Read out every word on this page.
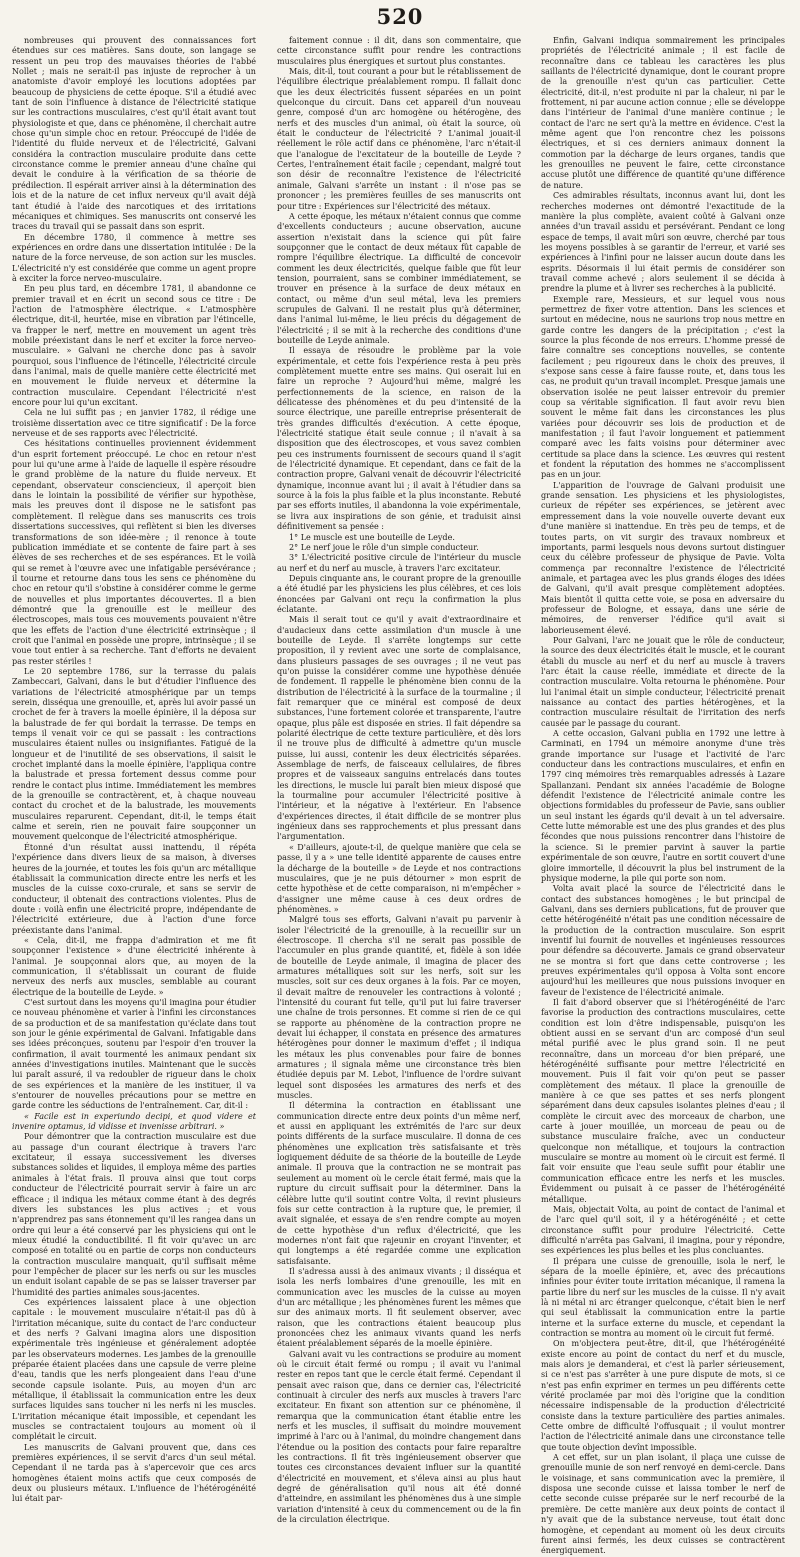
520

nombreuses qui prouvent des connaissances fort étendues sur ces matières. Sans doute, son langage se ressent un peu trop des mauvaises théories de l'abbé Nollet ; mais ne serait-il pas injuste de reprocher à un anatomiste d'avoir employé les locutions adoptées par beaucoup de physiciens de cette époque. S'il a étudié avec tant de soin l'influence à distance de l'électricité statique sur les contractions musculaires, c'est qu'il était avant tout physiologiste et que, dans ce phénomène, il cherchait autre chose qu'un simple choc en retour. Préoccupé de l'idée de l'identité du fluide nerveux et de l'électricité, Galvani considéra la contraction musculaire produite dans cette circonstance comme le premier anneau d'une chaîne qui devait le conduire à la vérification de sa théorie de prédilection. Il espérait arriver ainsi à la détermination des lois et de la nature de cet influx nerveux qu'il avait déjà tant étudié à l'aide des narcotiques et des irritations mécaniques et chimiques. Ses manuscrits ont conservé les traces du travail qui se passait dans son esprit.

En décembre 1780, il commence à mettre ses expériences en ordre dans une dissertation intitulée : De la nature de la force nerveuse, de son action sur les muscles. L'électricité n'y est considérée que comme un agent propre à exciter la force nerveo-musculaire.

En peu plus tard, en décembre 1781, il abandonne ce premier travail et en écrit un second sous ce titre : De l'action de l'atmosphère électrique. « L'atmosphère électrique, dit-il, heurtée, mise en vibration par l'étincelle, va frapper le nerf, mettre en mouvement un agent très mobile préexistant dans le nerf et exciter la force nerveo-musculaire. » Galvani ne cherche donc pas à savoir pourquoi, sous l'influence de l'étincelle, l'électricité circule dans l'animal, mais de quelle manière cette électricité met en mouvement le fluide nerveux et détermine la contraction musculaire. Cependant l'électricité n'est encore pour lui qu'un excitant.

Cela ne lui suffit pas ; en janvier 1782, il rédige une troisième dissertation avec ce titre significatif : De la force nerveuse et de ses rapports avec l'électricité.

Ces hésitations continuelles proviennent évidemment d'un esprit fortement préoccupé. Le choc en retour n'est pour lui qu'une arme à l'aide de laquelle il espère résoudre le grand problème de la nature du fluide nerveux. Et cependant, observateur consciencieux, il aperçoit bien dans le lointain la possibilité de vérifier sur hypothèse, mais les preuves dont il dispose ne le satisfont pas complètement. Il relègue dans ses manuscrits ces trois dissertations successives, qui reflètent si bien les diverses transformations de son idée-mère ; il renonce à toute publication immédiate et se contente de faire part à ses élèves de ses recherches et de ses espérances. Et le voilà qui se remet à l'œuvre avec une infatigable persévérance ; il tourne et retourne dans tous les sens ce phénomène du choc en retour qu'il s'obstine à considérer comme le germe de nouvelles et plus importantes découvertes. Il a bien démontré que la grenouille est le meilleur des électroscopes, mais tous ces mouvements pouvaient n'être que les effets de l'action d'une électricité extrinsèque ; il croit que l'animal en possède une propre, intrinsèque ; il se voue tout entier à sa recherche. Tant d'efforts ne devaient pas rester stériles !

Le 20 septembre 1786, sur la terrasse du palais Zambeccari, Galvani, dans le but d'étudier l'influence des variations de l'électricité atmosphérique par un temps serein, disséqua une grenouille, et, après lui avoir passé un crochet de fer à travers la moelle épinière, il la déposa sur la balustrade de fer qui bordait la terrasse. De temps en temps il venait voir ce qui se passait : les contractions musculaires étaient nulles ou insignifiantes. Fatigué de la longueur et de l'inutilité de ses observations, il saisit le crochet implanté dans la moelle épinière, l'appliqua contre la balustrade et pressa fortement dessus comme pour rendre le contact plus intime. Immédiatement les membres de la grenouille se contractèrent, et, à chaque nouveau contact du crochet et de la balustrade, les mouvements musculaires reparurent. Cependant, dit-il, le temps était calme et serein, rien ne pouvait faire soupçonner un mouvement quelconque de l'électricité atmosphérique.

Étonné d'un résultat aussi inattendu, il répéta l'expérience dans divers lieux de sa maison, à diverses heures de la journée, et toutes les fois qu'un arc métallique établissait la communication directe entre les nerfs et les muscles de la cuisse coxo-crurale, et sans se servir de conducteur, il obtenait des contractions violentes. Plus de doute : voilà enfin une électricité propre, indépendante de l'électricité extérieure, due à l'action d'une force préexistante dans l'animal.

« Cela, dit-il, me frappa d'admiration et me fit soupçonner l'existence » d'une électricité inhérente à l'animal. Je soupçonnai alors que, au moyen de la communication, il s'établissait un courant de fluide nerveux des nerfs aux muscles, semblable au courant électrique de la bouteille de Leyde. »

C'est surtout dans les moyens qu'il imagina pour étudier ce nouveau phénomène et varier à l'infini les circonstances de sa production et de sa manifestation qu'éclate dans tout son jour le génie expérimental de Galvani. Infatigable dans ses idées préconçues, soutenu par l'espoir d'en trouver la confirmation, il avait tourmenté les animaux pendant six années d'investigations inutiles. Maintenant que le succès lui paraît assuré, il va redoubler de rigueur dans le choix de ses expériences et la manière de les instituer, il va s'entourer de nouvelles précautions pour se mettre en garde contre les séductions de l'entraînement. Car, dit-il :

« Facile est in experiundo decipi, et quod videre et invenire optamus, id vidisse et invenisse arbitrari. »

Pour démontrer que la contraction musculaire est due au passage d'un courant électrique à travers l'arc excitateur, il essaya successivement les diverses substances solides et liquides, il employa même des parties animales à l'état frais. Il prouva ainsi que tout corps conducteur de l'électricité pourrait servir à faire un arc efficace ; il indiqua les métaux comme étant à des degrés divers les substances les plus actives ; et vous n'apprendrez pas sans étonnement qu'il les rangea dans un ordre qui leur a été conservé par les physiciens qui ont le mieux étudié la conductibilité. Il fit voir qu'avec un arc composé en totalité ou en partie de corps non conducteurs la contraction musculaire manquait, qu'il suffisait même pour l'empêcher de placer sur les nerfs ou sur les muscles un enduit isolant capable de se pas se laisser traverser par l'humidité des parties animales sous-jacentes.

Ces expériences laissaient place à une objection capitale : le mouvement musculaire n'était-il pas dû à l'irritation mécanique, suite du contact de l'arc conducteur et des nerfs ? Galvani imagina alors une disposition expérimentale très ingénieuse et généralement adoptée par les observateurs modernes. Les jambes de la grenouille préparée étaient placées dans une capsule de verre pleine d'eau, tandis que les nerfs plongeaient dans l'eau d'une seconde capsule isolante. Puis, au moyen d'un arc métallique, il établissait la communication entre les deux surfaces liquides sans toucher ni les nerfs ni les muscles. L'irritation mécanique était impossible, et cependant les muscles se contractaient toujours au moment où il complétait le circuit.

Les manuscrits de Galvani prouvent que, dans ces premières expériences, il se servit d'arcs d'un seul métal. Cependant il ne tarda pas à s'apercevoir que ces arcs homogènes étaient moins actifs que ceux composés de deux ou plusieurs métaux. L'influence de l'hétérogénéité lui était par-

faitement connue : il dit, dans son commentaire, que cette circonstance suffit pour rendre les contractions musculaires plus énergiques et surtout plus constantes.

Mais, dit-il, tout courant a pour but le rétablissement de l'équilibre électrique préalablement rompu. Il fallait donc que les deux électricités fussent séparées en un point quelconque du circuit. Dans cet appareil d'un nouveau genre, composé d'un arc homogène ou hétérogène, des nerfs et des muscles d'un animal, où était la source, où était le conducteur de l'électricité ? L'animal jouait-il réellement le rôle actif dans ce phénomène, l'arc n'était-il que l'analogue de l'excitateur de la bouteille de Leyde ? Certes, l'entraînement était facile ; cependant, malgré tout son désir de reconnaître l'existence de l'électricité animale, Galvani s'arrête un instant : il n'ose pas se prononcer ; les premières feuilles de ses manuscrits ont pour titre : Expériences sur l'électricité des métaux.

A cette époque, les métaux n'étaient connus que comme d'excellents conducteurs ; aucune observation, aucune assertion n'existait dans la science qui pût faire soupçonner que le contact de deux métaux fût capable de rompre l'équilibre électrique. La difficulté de concevoir comment les deux électricités, quelque faible que fût leur tension, pourraient, sans se combiner immédiatement, se trouver en présence à la surface de deux métaux en contact, ou même d'un seul métal, leva les premiers scrupules de Galvani. Il ne restait plus qu'à déterminer, dans l'animal lui-même, le lieu précis du dégagement de l'électricité ; il se mit à la recherche des conditions d'une bouteille de Leyde animale.

Il essaya de résoudre le problème par la voie expérimentale, et cette fois l'expérience resta à peu près complètement muette entre ses mains. Qui oserait lui en faire un reproche ? Aujourd'hui même, malgré les perfectionnements de la science, en raison de la délicatesse des phénomènes et du peu d'intensité de la source électrique, une pareille entreprise présenterait de très grandes difficultés d'exécution. A cette époque, l'électricité statique était seule connue ; il n'avait à sa disposition que des électroscopes, et vous savez combien peu ces instruments fournissent de secours quand il s'agit de l'électricité dynamique. Et cependant, dans ce fait de la contraction propre, Galvani venait de découvrir l'électricité dynamique, inconnue avant lui ; il avait à l'étudier dans sa source à la fois la plus faible et la plus inconstante. Rebuté par ses efforts inutiles, il abandonna la voie expérimentale, se livra aux inspirations de son génie, et traduisit ainsi définitivement sa pensée :

1° Le muscle est une bouteille de Leyde.

2° Le nerf joue le rôle d'un simple conducteur.

3° L'électricité positive circule de l'intérieur du muscle au nerf et du nerf au muscle, à travers l'arc excitateur.

Depuis cinquante ans, le courant propre de la grenouille a été étudié par les physiciens les plus célèbres, et ces lois énoncées par Galvani ont reçu la confirmation la plus éclatante.

Mais il serait tout ce qu'il y avait d'extraordinaire et d'audacieux dans cette assimilation d'un muscle à une bouteille de Leyde. Il s'arrête longtemps sur cette proposition, il y revient avec une sorte de complaisance, dans plusieurs passages de ses ouvrages ; il ne veut pas qu'on puisse la considérer comme une hypothèse dénuée de fondement. Il rappelle le phénomène bien connu de la distribution de l'électricité à la surface de la tourmaline ; il fait remarquer que ce minéral est composé de deux substances, l'une fortement colorée et transparente, l'autre opaque, plus pâle est disposée en stries. Il fait dépendre sa polarité électrique de cette texture particulière, et dès lors il ne trouve plus de difficulté à admettre qu'un muscle puisse, lui aussi, contenir les deux électricités séparées. Assemblage de nerfs, de faisceaux cellulaires, de fibres propres et de vaisseaux sanguins entrelacés dans toutes les directions, le muscle lui paraît bien mieux disposé que la tourmaline pour accumuler l'électricité positive à l'intérieur, et la négative à l'extérieur. En l'absence d'expériences directes, il était difficile de se montrer plus ingénieux dans ses rapprochements et plus pressant dans l'argumentation.

« D'ailleurs, ajoute-t-il, de quelque manière que cela se passe, il y a » une telle identité apparente de causes entre la décharge de la bouteille » de Leyde et nos contractions musculaires, que je ne puis détourner » mon esprit de cette hypothèse et de cette comparaison, ni m'empêcher » d'assigner une même cause à ces deux ordres de phénomènes. »

Malgré tous ses efforts, Galvani n'avait pu parvenir à isoler l'électricité de la grenouille, à la recueillir sur un électroscope. Il chercha s'il ne serait pas possible de l'accumuler en plus grande quantité, et, fidèle à son idée de bouteille de Leyde animale, il imagina de placer des armatures métalliques soit sur les nerfs, soit sur les muscles, soit sur ces deux organes à la fois. Par ce moyen, il devait maître de renouveler les contractions à volonté ; l'intensité du courant fut telle, qu'il put lui faire traverser une chaîne de trois personnes. Et comme si rien de ce qui se rapporte au phénomène de la contraction propre ne devait lui échapper, il constata en présence des armatures hétérogènes pour donner le maximum d'effet ; il indiqua les métaux les plus convenables pour faire de bonnes armatures ; il signala même une circonstance très bien étudiée depuis par M. Lebot, l'influence de l'ordre suivant lequel sont disposées les armatures des nerfs et des muscles.

Il détermina la contraction en établissant une communication directe entre deux points d'un même nerf, et aussi en appliquant les extrémités de l'arc sur deux points différents de la surface musculaire. Il donna de ces phénomènes une explication très satisfaisante et très logiquement déduite de sa théorie de la bouteille de Leyde animale. Il prouva que la contraction ne se montrait pas seulement au moment où le cercle était fermé, mais que la rupture du circuit suffisait pour la déterminer. Dans la célèbre lutte qu'il soutint contre Volta, il revint plusieurs fois sur cette contraction à la rupture que, le premier, il avait signalée, et essaya de s'en rendre compte au moyen de cette hypothèse d'un reflux d'électricité, que les modernes n'ont fait que rajeunir en croyant l'inventer, et qui longtemps a été regardée comme une explication satisfaisante.

Il s'adressa aussi à des animaux vivants ; il disséqua et isola les nerfs lombaires d'une grenouille, les mit en communication avec les muscles de la cuisse au moyen d'un arc métallique ; les phénomènes furent les mêmes que sur des animaux morts. Il fit seulement observer, avec raison, que les contractions étaient beaucoup plus prononcées chez les animaux vivants quand les nerfs étaient préalablement séparés de la moelle épinière.

Galvani avait vu les contractions se produire au moment où le circuit était fermé ou rompu ; il avait vu l'animal rester en repos tant que le cercle était fermé. Cependant il pensait avec raison que, dans ce dernier cas, l'électricité continuait à circuler des nerfs aux muscles à travers l'arc excitateur. En fixant son attention sur ce phénomène, il remarqua que la communication étant établie entre les nerfs et les muscles, il suffisait du moindre mouvement imprimé à l'arc ou à l'animal, du moindre changement dans l'étendue ou la position des contacts pour faire reparaître les contractions. Il fit très ingénieusement observer que toutes ces circonstances devaient influer sur la quantité d'électricité en mouvement, et s'éleva ainsi au plus haut degré de généralisation qu'il nous ait été donné d'atteindre, en assimilant les phénomènes dus à une simple variation d'intensité à ceux du commencement ou de la fin de la circulation électrique.

Enfin, Galvani indiqua sommairement les principales propriétés de l'électricité animale ; il est facile de reconnaître dans ce tableau les caractères les plus saillants de l'électricité dynamique, dont le courant propre de la grenouille n'est qu'un cas particulier. Cette électricité, dit-il, n'est produite ni par la chaleur, ni par le frottement, ni par aucune action connue ; elle se développe dans l'intérieur de l'animal d'une manière continue ; le contact de l'arc ne sert qu'à la mettre en évidence. C'est la même agent que l'on rencontre chez les poissons électriques, et si ces derniers animaux donnent la commotion par la décharge de leurs organes, tandis que les grenouilles ne peuvent le faire, cette circonstance accuse plutôt une différence de quantité qu'une différence de nature.

Ces admirables résultats, inconnus avant lui, dont les recherches modernes ont démontré l'exactitude de la manière la plus complète, avaient coûté à Galvani onze années d'un travail assidu et persévérant. Pendant ce long espace de temps, il avait mûri son œuvre, cherché par tous les moyens possibles à se garantir de l'erreur, et varié ses expériences à l'infini pour ne laisser aucun doute dans les esprits. Désormais il lui était permis de considérer son travail comme achevé ; alors seulement il se décida à prendre la plume et à livrer ses recherches à la publicité.

Exemple rare, Messieurs, et sur lequel vous nous permettrez de fixer votre attention. Dans les sciences et surtout en médecine, nous ne saurions trop nous mettre en garde contre les dangers de la précipitation ; c'est la source la plus féconde de nos erreurs. L'homme pressé de faire connaître ses conceptions nouvelles, se contente facilement ; peu rigoureux dans le choix des preuves, il s'expose sans cesse à faire fausse route, et, dans tous les cas, ne produit qu'un travail incomplet. Presque jamais une observation isolée ne peut laisser entrevoir du premier coup sa véritable signification. Il faut avoir revu bien souvent le même fait dans les circonstances les plus variées pour découvrir ses lois de production et de manifestation ; il faut l'avoir longuement et patiemment comparé avec les faits voisins pour déterminer avec certitude sa place dans la science. Les œuvres qui restent et fondent la réputation des hommes ne s'accomplissent pas en un jour.

L'apparition de l'ouvrage de Galvani produisit une grande sensation. Les physiciens et les physiologistes, curieux de répéter ses expériences, se jetèrent avec empressement dans la voie nouvelle ouverte devant eux d'une manière si inattendue. En très peu de temps, et de toutes parts, on vit surgir des travaux nombreux et importants, parmi lesquels nous devons surtout distinguer ceux du célèbre professeur de physique de Pavie. Volta commença par reconnaître l'existence de l'électricité animale, et partagea avec les plus grands éloges des idées de Galvani, qu'il avait presque complètement adoptées. Mais bientôt il quitta cette voie, se posa en adversaire du professeur de Bologne, et essaya, dans une série de mémoires, de renverser l'édifice qu'il avait si laborieusement élevé.

Pour Galvani, l'arc ne jouait que le rôle de conducteur, la source des deux électricités était le muscle, et le courant établi du muscle au nerf et du nerf au muscle à travers l'arc était la cause réelle, immédiate et directe de la contraction musculaire. Volta retourna le phénomène. Pour lui l'animal était un simple conducteur, l'électricité prenait naissance au contact des parties hétérogènes, et la contraction musculaire résultait de l'irritation des nerfs causée par le passage du courant.

A cette occasion, Galvani publia en 1792 une lettre à Carminati, en 1794 un mémoire anonyme d'une très grande importance sur l'usage et l'activité de l'arc conducteur dans les contractions musculaires, et enfin en 1797 cinq mémoires très remarquables adressés à Lazare Spallanzani. Pendant six années l'académie de Bologne défendit l'existence de l'électricité animale contre les objections formidables du professeur de Pavie, sans oublier un seul instant les égards qu'il devait à un tel adversaire. Cette lutte mémorable est une des plus grandes et des plus fécondes que nous puissions rencontrer dans l'histoire de la science. Si le premier parvint à sauver la partie expérimentale de son œuvre, l'autre en sortit couvert d'une gloire immortelle, il découvrit la plus bel instrument de la physique moderne, la pile qui porte son nom.

Volta avait placé la source de l'électricité dans le contact des substances homogènes ; le but principal de Galvani, dans ses derniers publications, fut de prouver que cette hétérogénéité n'était pas une condition nécessaire de la production de la contraction musculaire. Son esprit inventif lui fournit de nouvelles et ingénieuses ressources pour défendre sa découverte. Jamais ce grand observateur ne se montra si fort que dans cette controverse ; les preuves expérimentales qu'il opposa à Volta sont encore aujourd'hui les meilleures que nous puissions invoquer en faveur de l'existence de l'électricité animale.

Il fait d'abord observer que si l'hétérogénéité de l'arc favorise la production des contractions musculaires, cette condition est loin d'être indispensable, puisqu'on les obtient aussi en se servant d'un arc composé d'un seul métal purifié avec le plus grand soin. Il ne peut reconnaître, dans un morceau d'or bien préparé, une hétérogénéité suffisante pour mettre l'électricité en mouvement. Puis il fait voir qu'on peut se passer complètement des métaux. Il place la grenouille de manière à ce que ses pattes et ses nerfs plongent séparément dans deux capsules isolantes pleines d'eau ; il complète le circuit avec des morceaux de charbon, une carte à jouer mouillée, un morceau de peau ou de substance musculaire fraîche, avec un conducteur quelconque non métallique, et toujours la contraction musculaire se montre au moment où le circuit est fermé. Il fait voir ensuite que l'eau seule suffit pour établir une communication efficace entre les nerfs et les muscles. Évidemment ou puisait à ce passer de l'hétérogénéité métallique.

Mais, objectait Volta, au point de contact de l'animal et de l'arc quel qu'il soit, il y a hétérogénéité ; et cette circonstance suffit pour produire l'électricité. Cette difficulté n'arrêta pas Galvani, il imagina, pour y répondre, ses expériences les plus belles et les plus concluantes.

Il prépara une cuisse de grenouille, isola le nerf, le sépara de la moelle épinière, et, avec des précautions infinies pour éviter toute irritation mécanique, il ramena la partie libre du nerf sur les muscles de la cuisse. Il n'y avait là ni métal ni arc étranger quelconque, c'était bien le nerf qui seul établissait la communication entre la partie interne et la surface externe du muscle, et cependant la contraction se montra au moment où le circuit fut fermé.

On m'objectera peut-être, dit-il, que l'hétérogénéité existe encore au point de contact du nerf et du muscle, mais alors je demanderai, et c'est là parler sérieusement, si ce n'est pas s'arrêter à une pure dispute de mots, si ce n'est pas enfin exprimer en termes un peu différents cette vérité proclamée par moi dès l'origine que la condition nécessaire indispensable de la production d'électricité consiste dans la texture particulière des parties animales. Cette ombre de difficulté l'offusquait ; il voulut montrer l'action de l'électricité animale dans une circonstance telle que toute objection devînt impossible.

A cet effet, sur un plan isolant, il plaça une cuisse de grenouille munie de son nerf renvoyé en demi-cercle. Dans le voisinage, et sans communication avec la première, il disposa une seconde cuisse et laissa tomber le nerf de cette seconde cuisse préparée sur le nerf recourbé de la première. De cette manière aux deux points de contact il n'y avait que de la substance nerveuse, tout était donc homogène, et cependant au moment où les deux circuits furent ainsi fermés, les deux cuisses se contractèrent énergiquement.
